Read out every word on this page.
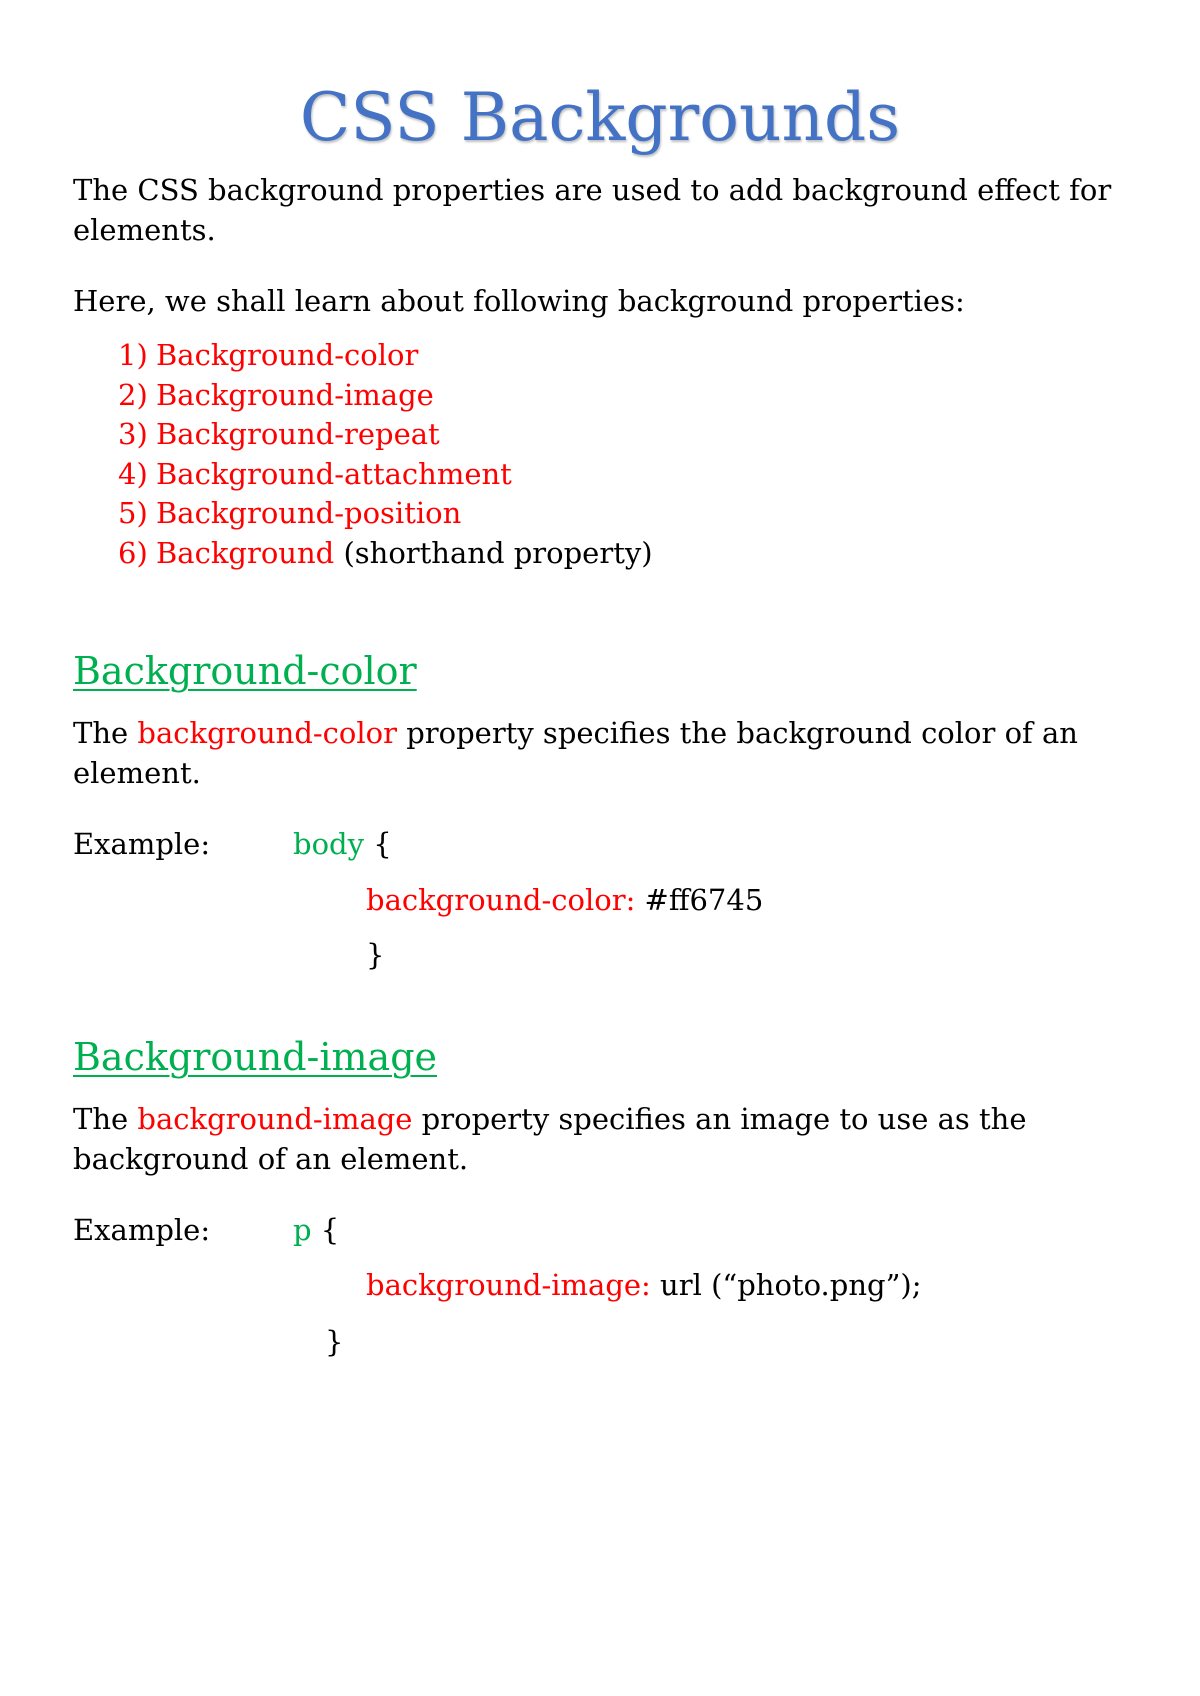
CSS Backgrounds
The CSS background properties are used to add background effect for
elements.
Here, we shall learn about following background properties:
1) Background-color
2) Background-image
3) Background-repeat
4) Background-attachment
5) Background-position
6) Background (shorthand property)
Background-color
The background-color property specifies the background color of an
element.
Example:	body {
background-color: #ff6745
}
Background-image
The background-image property specifies an image to use as the
background of an element.
Example:	p {
background-image: url (“photo.png”);
}
